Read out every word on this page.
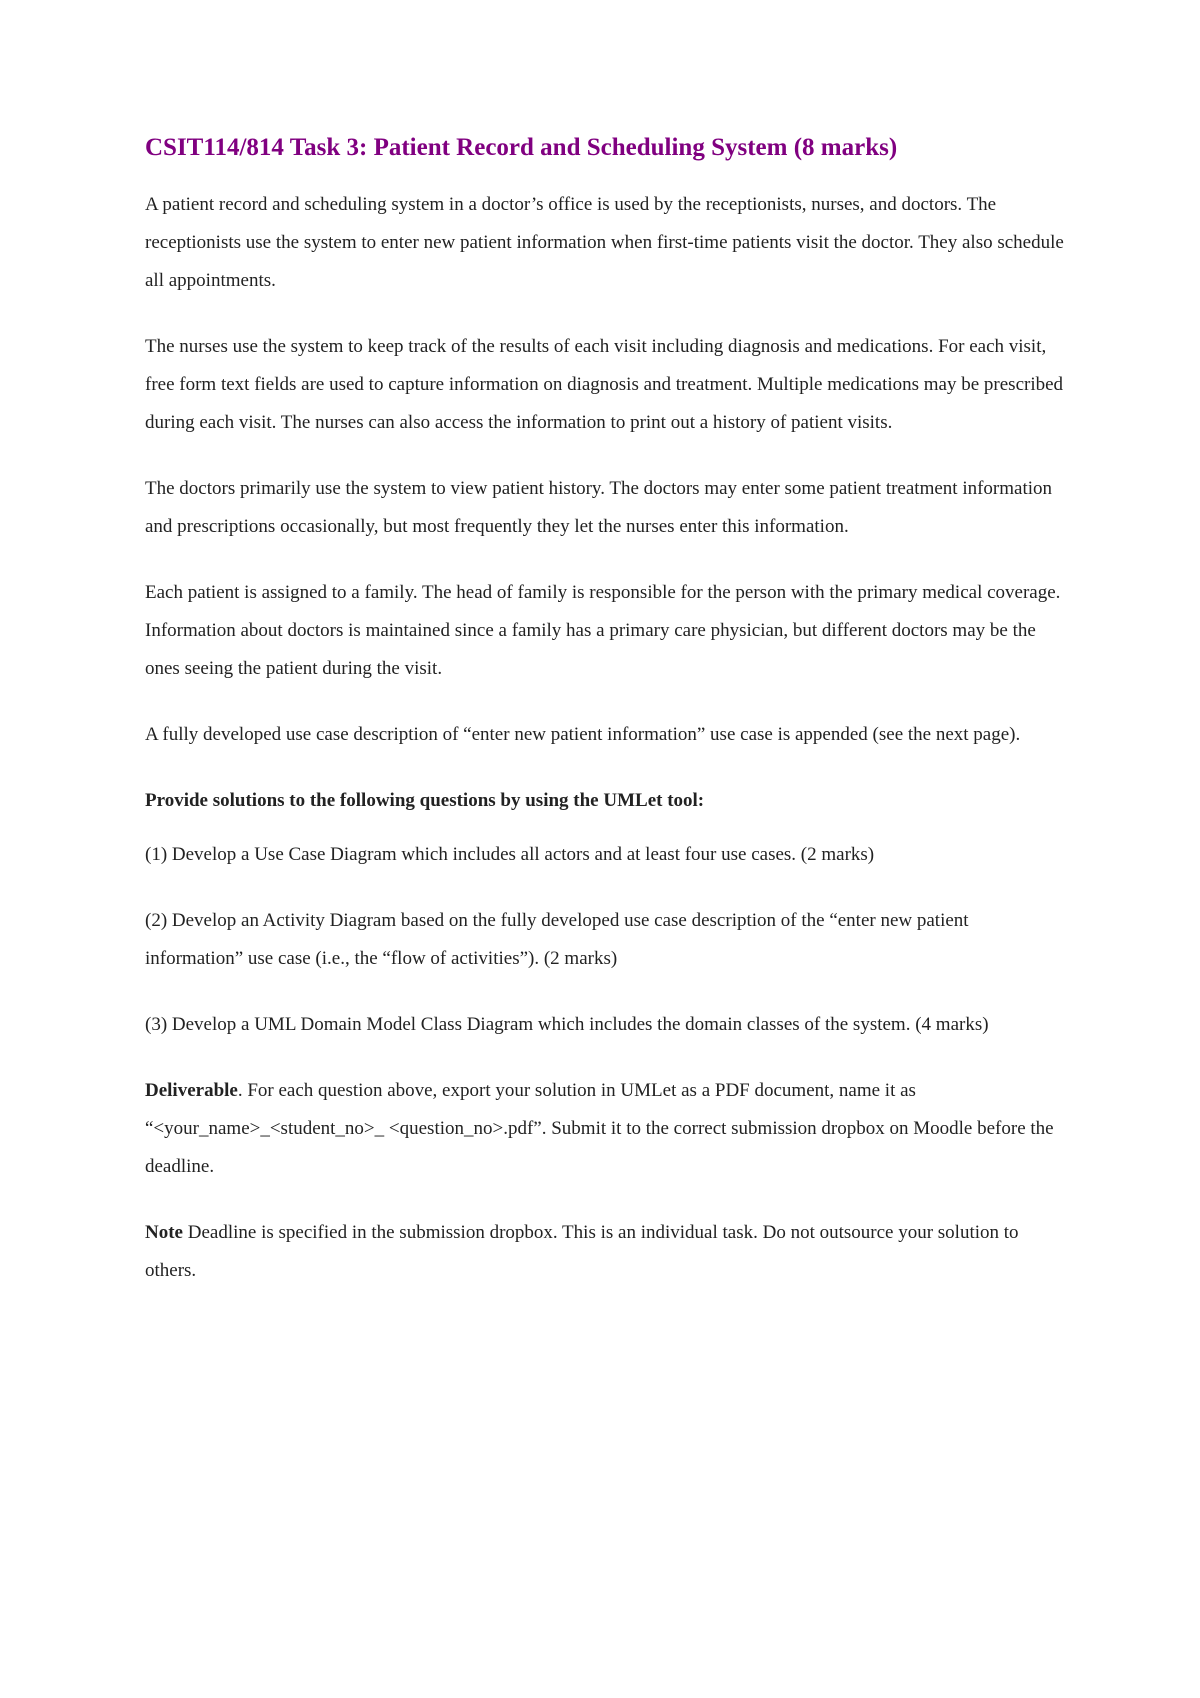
CSIT114/814 Task 3: Patient Record and Scheduling System (8 marks)

A patient record and scheduling system in a doctor’s office is used by the receptionists, nurses, and doctors. The receptionists use the system to enter new patient information when first-time patients visit the doctor. They also schedule all appointments.

The nurses use the system to keep track of the results of each visit including diagnosis and medications. For each visit, free form text fields are used to capture information on diagnosis and treatment. Multiple medications may be prescribed during each visit. The nurses can also access the information to print out a history of patient visits.

The doctors primarily use the system to view patient history. The doctors may enter some patient treatment information and prescriptions occasionally, but most frequently they let the nurses enter this information.

Each patient is assigned to a family. The head of family is responsible for the person with the primary medical coverage. Information about doctors is maintained since a family has a primary care physician, but different doctors may be the ones seeing the patient during the visit.

A fully developed use case description of “enter new patient information” use case is appended (see the next page).

Provide solutions to the following questions by using the UMLet tool:

(1) Develop a Use Case Diagram which includes all actors and at least four use cases. (2 marks)

(2) Develop an Activity Diagram based on the fully developed use case description of the “enter new patient information” use case (i.e., the “flow of activities”). (2 marks)

(3) Develop a UML Domain Model Class Diagram which includes the domain classes of the system. (4 marks)

Deliverable. For each question above, export your solution in UMLet as a PDF document, name it as “<your_name>_<student_no>_ <question_no>.pdf”. Submit it to the correct submission dropbox on Moodle before the deadline.

Note Deadline is specified in the submission dropbox. This is an individual task. Do not outsource your solution to others.
